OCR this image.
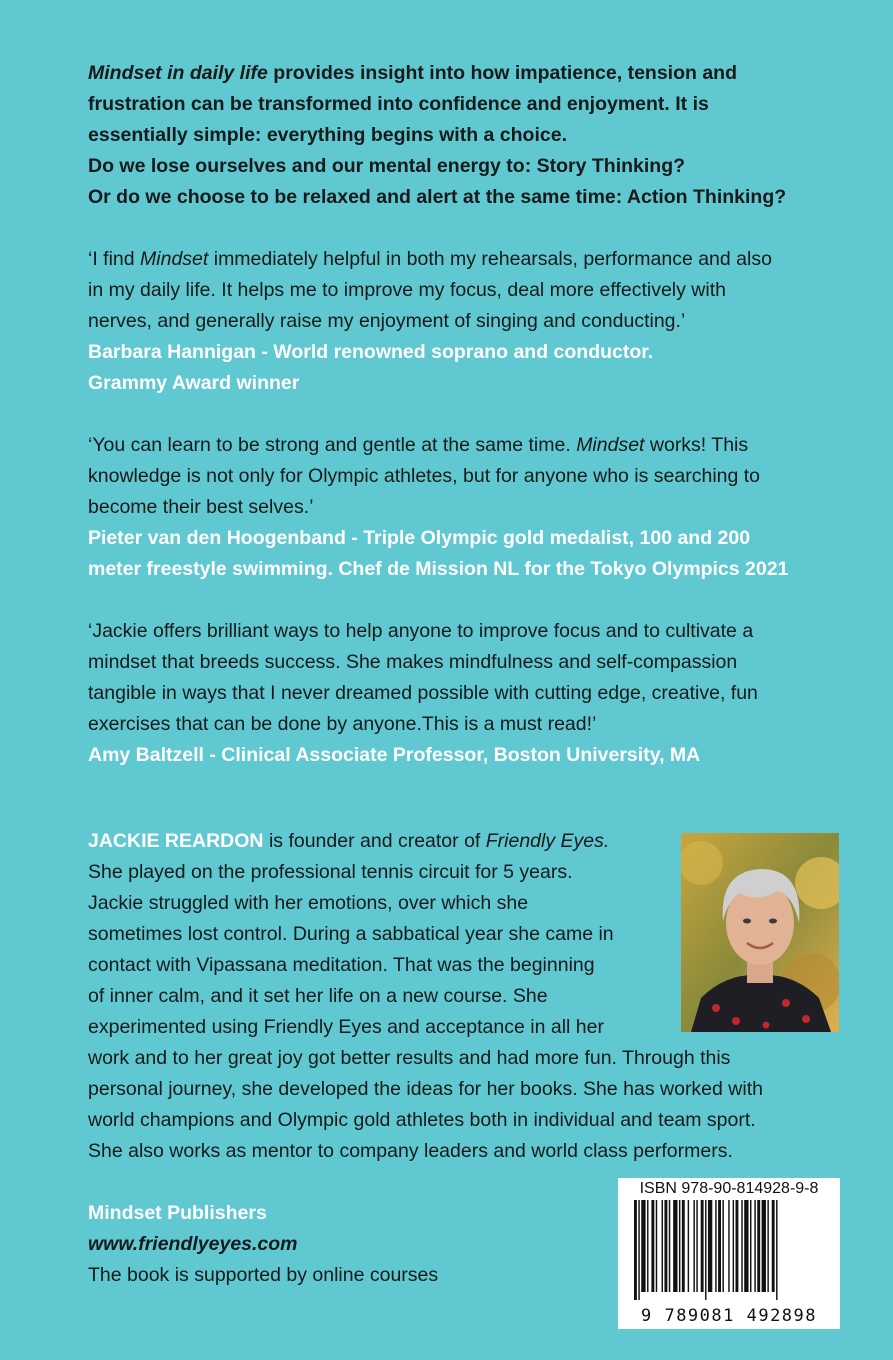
Mindset in daily life provides insight into how impatience, tension and

frustration can be transformed into confidence and enjoyment. It is

essentially simple: everything begins with a choice.

Do we lose ourselves and our mental energy to: Story Thinking?

Or do we choose to be relaxed and alert at the same time: Action Thinking?

‘I find Mindset immediately helpful in both my rehearsals, performance and also

in my daily life. It helps me to improve my focus, deal more effectively with

nerves, and generally raise my enjoyment of singing and conducting.’

Barbara Hannigan - World renowned soprano and conductor.

Grammy Award winner

‘You can learn to be strong and gentle at the same time. Mindset works! This

knowledge is not only for Olympic athletes, but for anyone who is searching to

become their best selves.’

Pieter van den Hoogenband - Triple Olympic gold medalist, 100 and 200

meter freestyle swimming. Chef de Mission NL for the Tokyo Olympics 2021

‘Jackie offers brilliant ways to help anyone to improve focus and to cultivate a

mindset that breeds success. She makes mindfulness and self-compassion

tangible in ways that I never dreamed possible with cutting edge, creative, fun

exercises that can be done by anyone.This is a must read!’

Amy Baltzell - Clinical Associate Professor, Boston University, MA

JACKIE REARDON is founder and creator of Friendly Eyes.

She played on the professional tennis circuit for 5 years.

Jackie struggled with her emotions, over which she

sometimes lost control. During a sabbatical year she came in

contact with Vipassana meditation. That was the beginning

of inner calm, and it set her life on a new course. She

experimented using Friendly Eyes and acceptance in all her

work and to her great joy got better results and had more fun. Through this

personal journey, she developed the ideas for her books. She has worked with

world champions and Olympic gold athletes both in individual and team sport.

She also works as mentor to company leaders and world class performers.

Mindset Publishers

www.friendlyeyes.com

The book is supported by online courses

ISBN 978-90-814928-9-8
9 789081 492898
